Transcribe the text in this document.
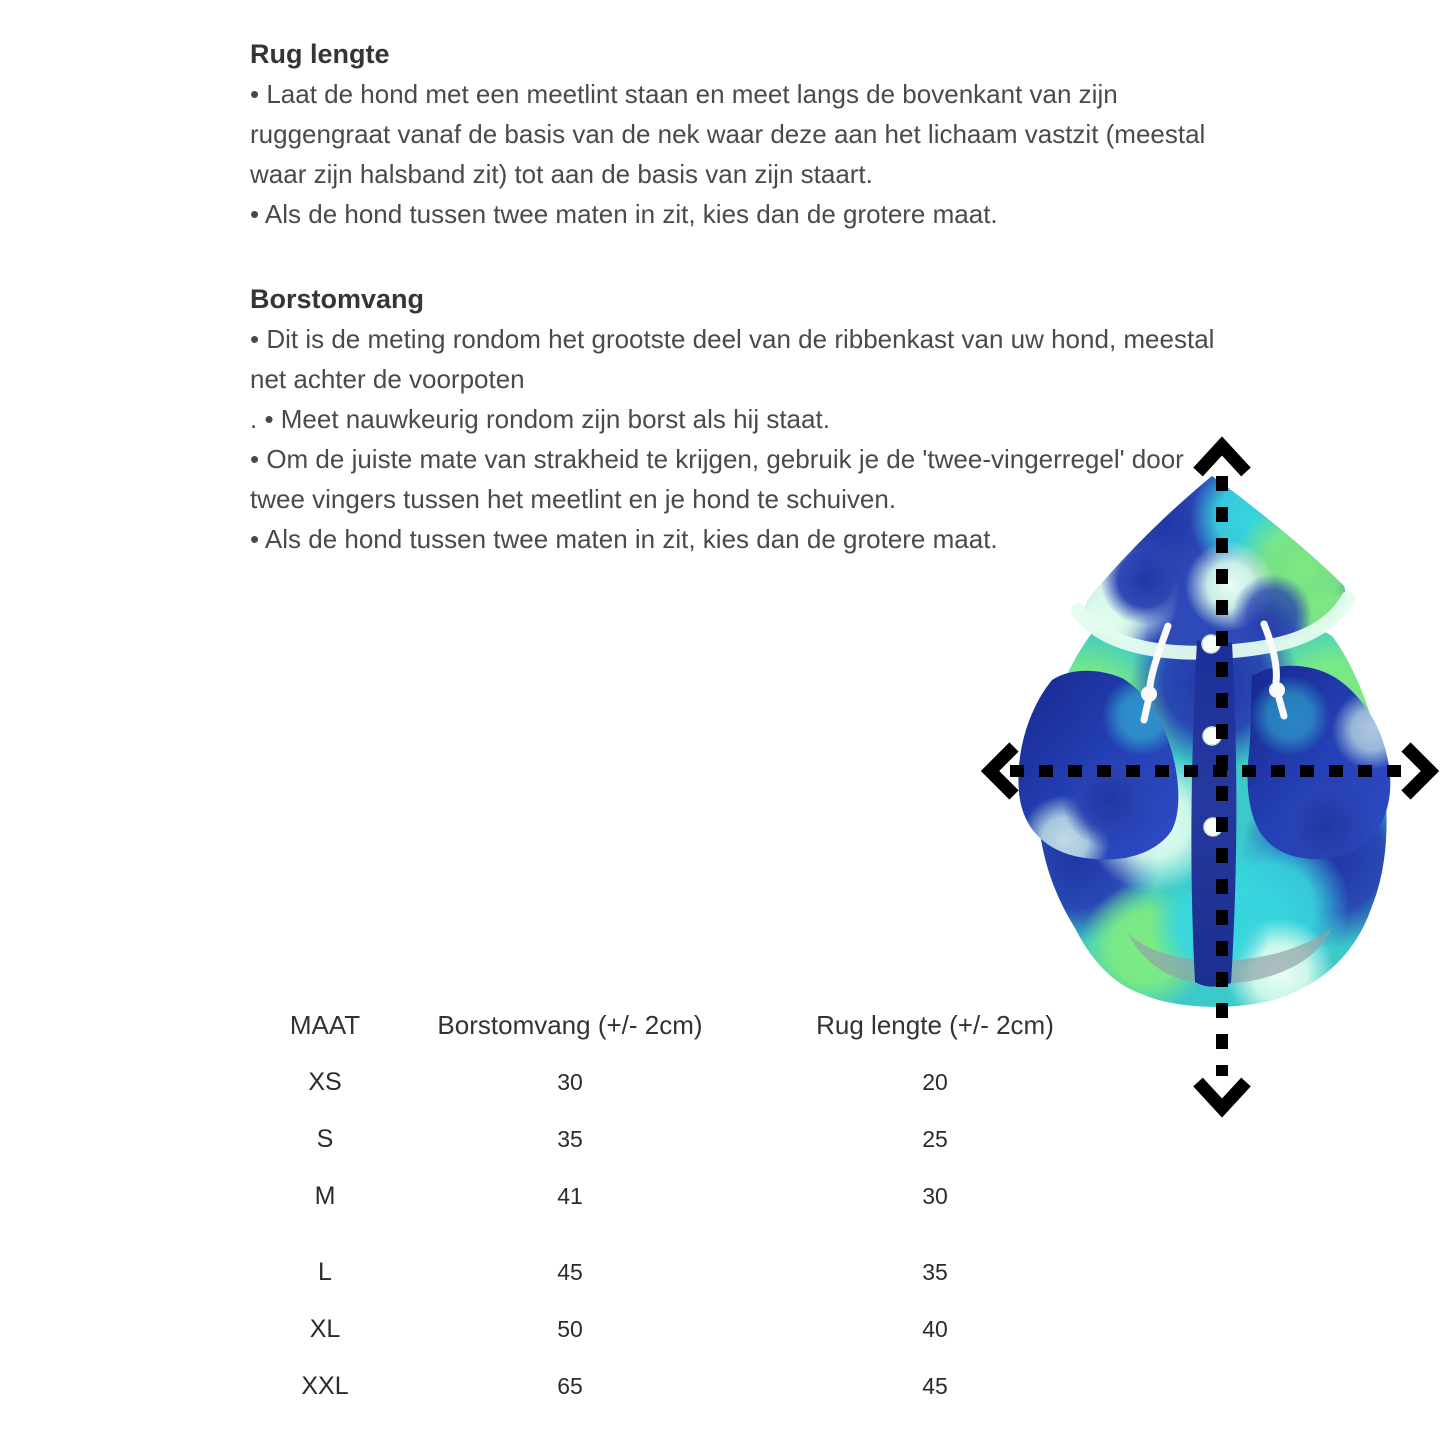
Rug lengte

• Laat de hond met een meetlint staan en meet langs de bovenkant van zijn ruggengraat vanaf de basis van de nek waar deze aan het lichaam vastzit (meestal waar zijn halsband zit) tot aan de basis van zijn staart.

• Als de hond tussen twee maten in zit, kies dan de grotere maat.

Borstomvang

• Dit is de meting rondom het grootste deel van de ribbenkast van uw hond, meestal net achter de voorpoten

. • Meet nauwkeurig rondom zijn borst als hij staat.

• Om de juiste mate van strakheid te krijgen, gebruik je de 'twee-vingerregel' door twee vingers tussen het meetlint en je hond te schuiven.

• Als de hond tussen twee maten in zit, kies dan de grotere maat.

MAAT	Borstomvang (+/- 2cm)	Rug lengte (+/- 2cm)
XS	30	20
S	35	25
M	41	30
L	45	35
XL	50	40
XXL	65	45
